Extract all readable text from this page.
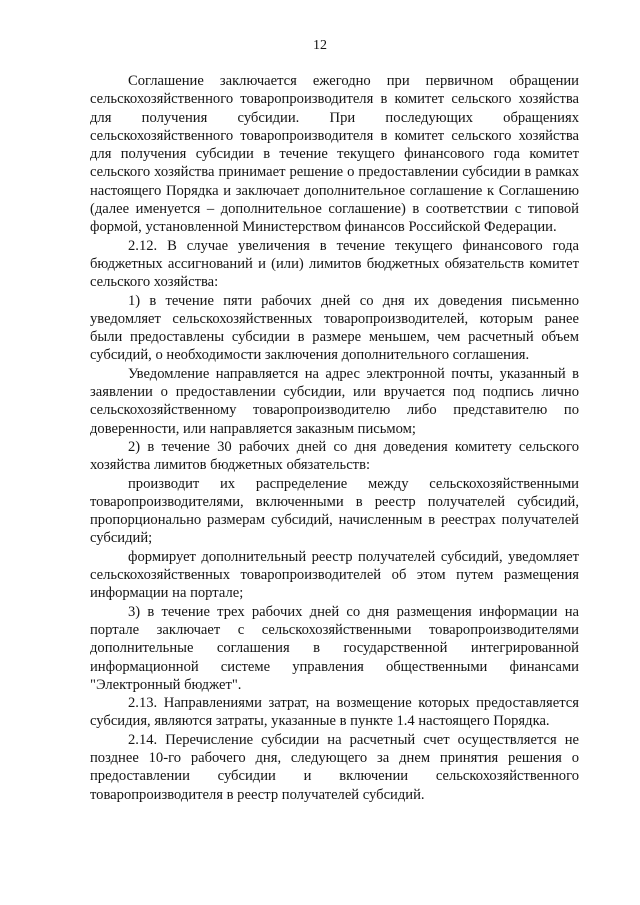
12

Соглашение заключается ежегодно при первичном обращении сельскохозяйственного товаропроизводителя в комитет сельского хозяйства для получения субсидии. При последующих обращениях сельскохозяйственного товаропроизводителя в комитет сельского хозяйства для получения субсидии в течение текущего финансового года комитет сельского хозяйства принимает решение о предоставлении субсидии в рамках настоящего Порядка и заключает дополнительное соглашение к Соглашению (далее именуется – дополнительное соглашение) в соответствии с типовой формой, установленной Министерством финансов Российской Федерации.

2.12. В случае увеличения в течение текущего финансового года бюджетных ассигнований и (или) лимитов бюджетных обязательств комитет сельского хозяйства:

1) в течение пяти рабочих дней со дня их доведения письменно уведомляет сельскохозяйственных товаропроизводителей, которым ранее были предоставлены субсидии в размере меньшем, чем расчетный объем субсидий, о необходимости заключения дополнительного соглашения.

Уведомление направляется на адрес электронной почты, указанный в заявлении о предоставлении субсидии, или вручается под подпись лично сельскохозяйственному товаропроизводителю либо представителю по доверенности, или направляется заказным письмом;

2) в течение 30 рабочих дней со дня доведения комитету сельского хозяйства лимитов бюджетных обязательств:

производит их распределение между сельскохозяйственными товаропроизводителями, включенными в реестр получателей субсидий, пропорционально размерам субсидий, начисленным в реестрах получателей субсидий;

формирует дополнительный реестр получателей субсидий, уведомляет сельскохозяйственных товаропроизводителей об этом путем размещения информации на портале;

3) в течение трех рабочих дней со дня размещения информации на портале заключает с сельскохозяйственными товаропроизводителями дополнительные соглашения в государственной интегрированной информационной системе управления общественными финансами "Электронный бюджет".

2.13. Направлениями затрат, на возмещение которых предоставляется субсидия, являются затраты, указанные в пункте 1.4 настоящего Порядка.

2.14. Перечисление субсидии на расчетный счет осуществляется не позднее 10-го рабочего дня, следующего за днем принятия решения о предоставлении субсидии и включении сельскохозяйственного товаропроизводителя в реестр получателей субсидий.
